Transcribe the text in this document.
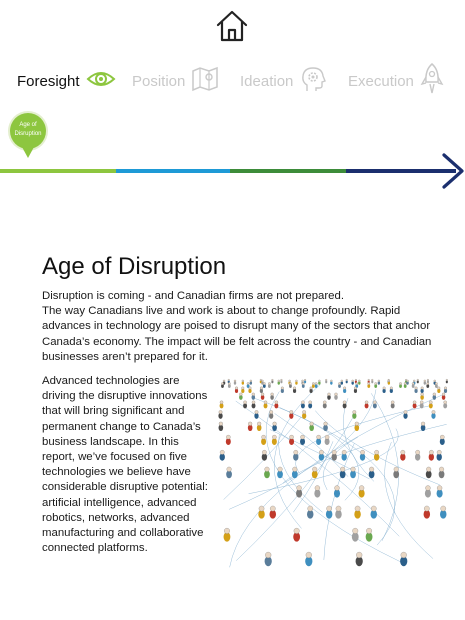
Foresight	Position	Ideation	Execution
Age of Disruption
Age of Disruption

Disruption is coming - and Canadian firms are not prepared.

The way Canadians live and work is about to change profoundly. Rapid advances in technology are poised to disrupt many of the sectors that anchor Canada’s economy. The impact will be felt across the country - and Canadian businesses aren’t prepared for it.

Advanced technologies are driving the disruptive innovations that will bring significant and permanent change to Canada’s business landscape. In this report, we’ve focused on five technologies we believe have considerable disruptive potential: artificial intelligence, advanced robotics, networks, advanced manufacturing and collaborative connected platforms.
